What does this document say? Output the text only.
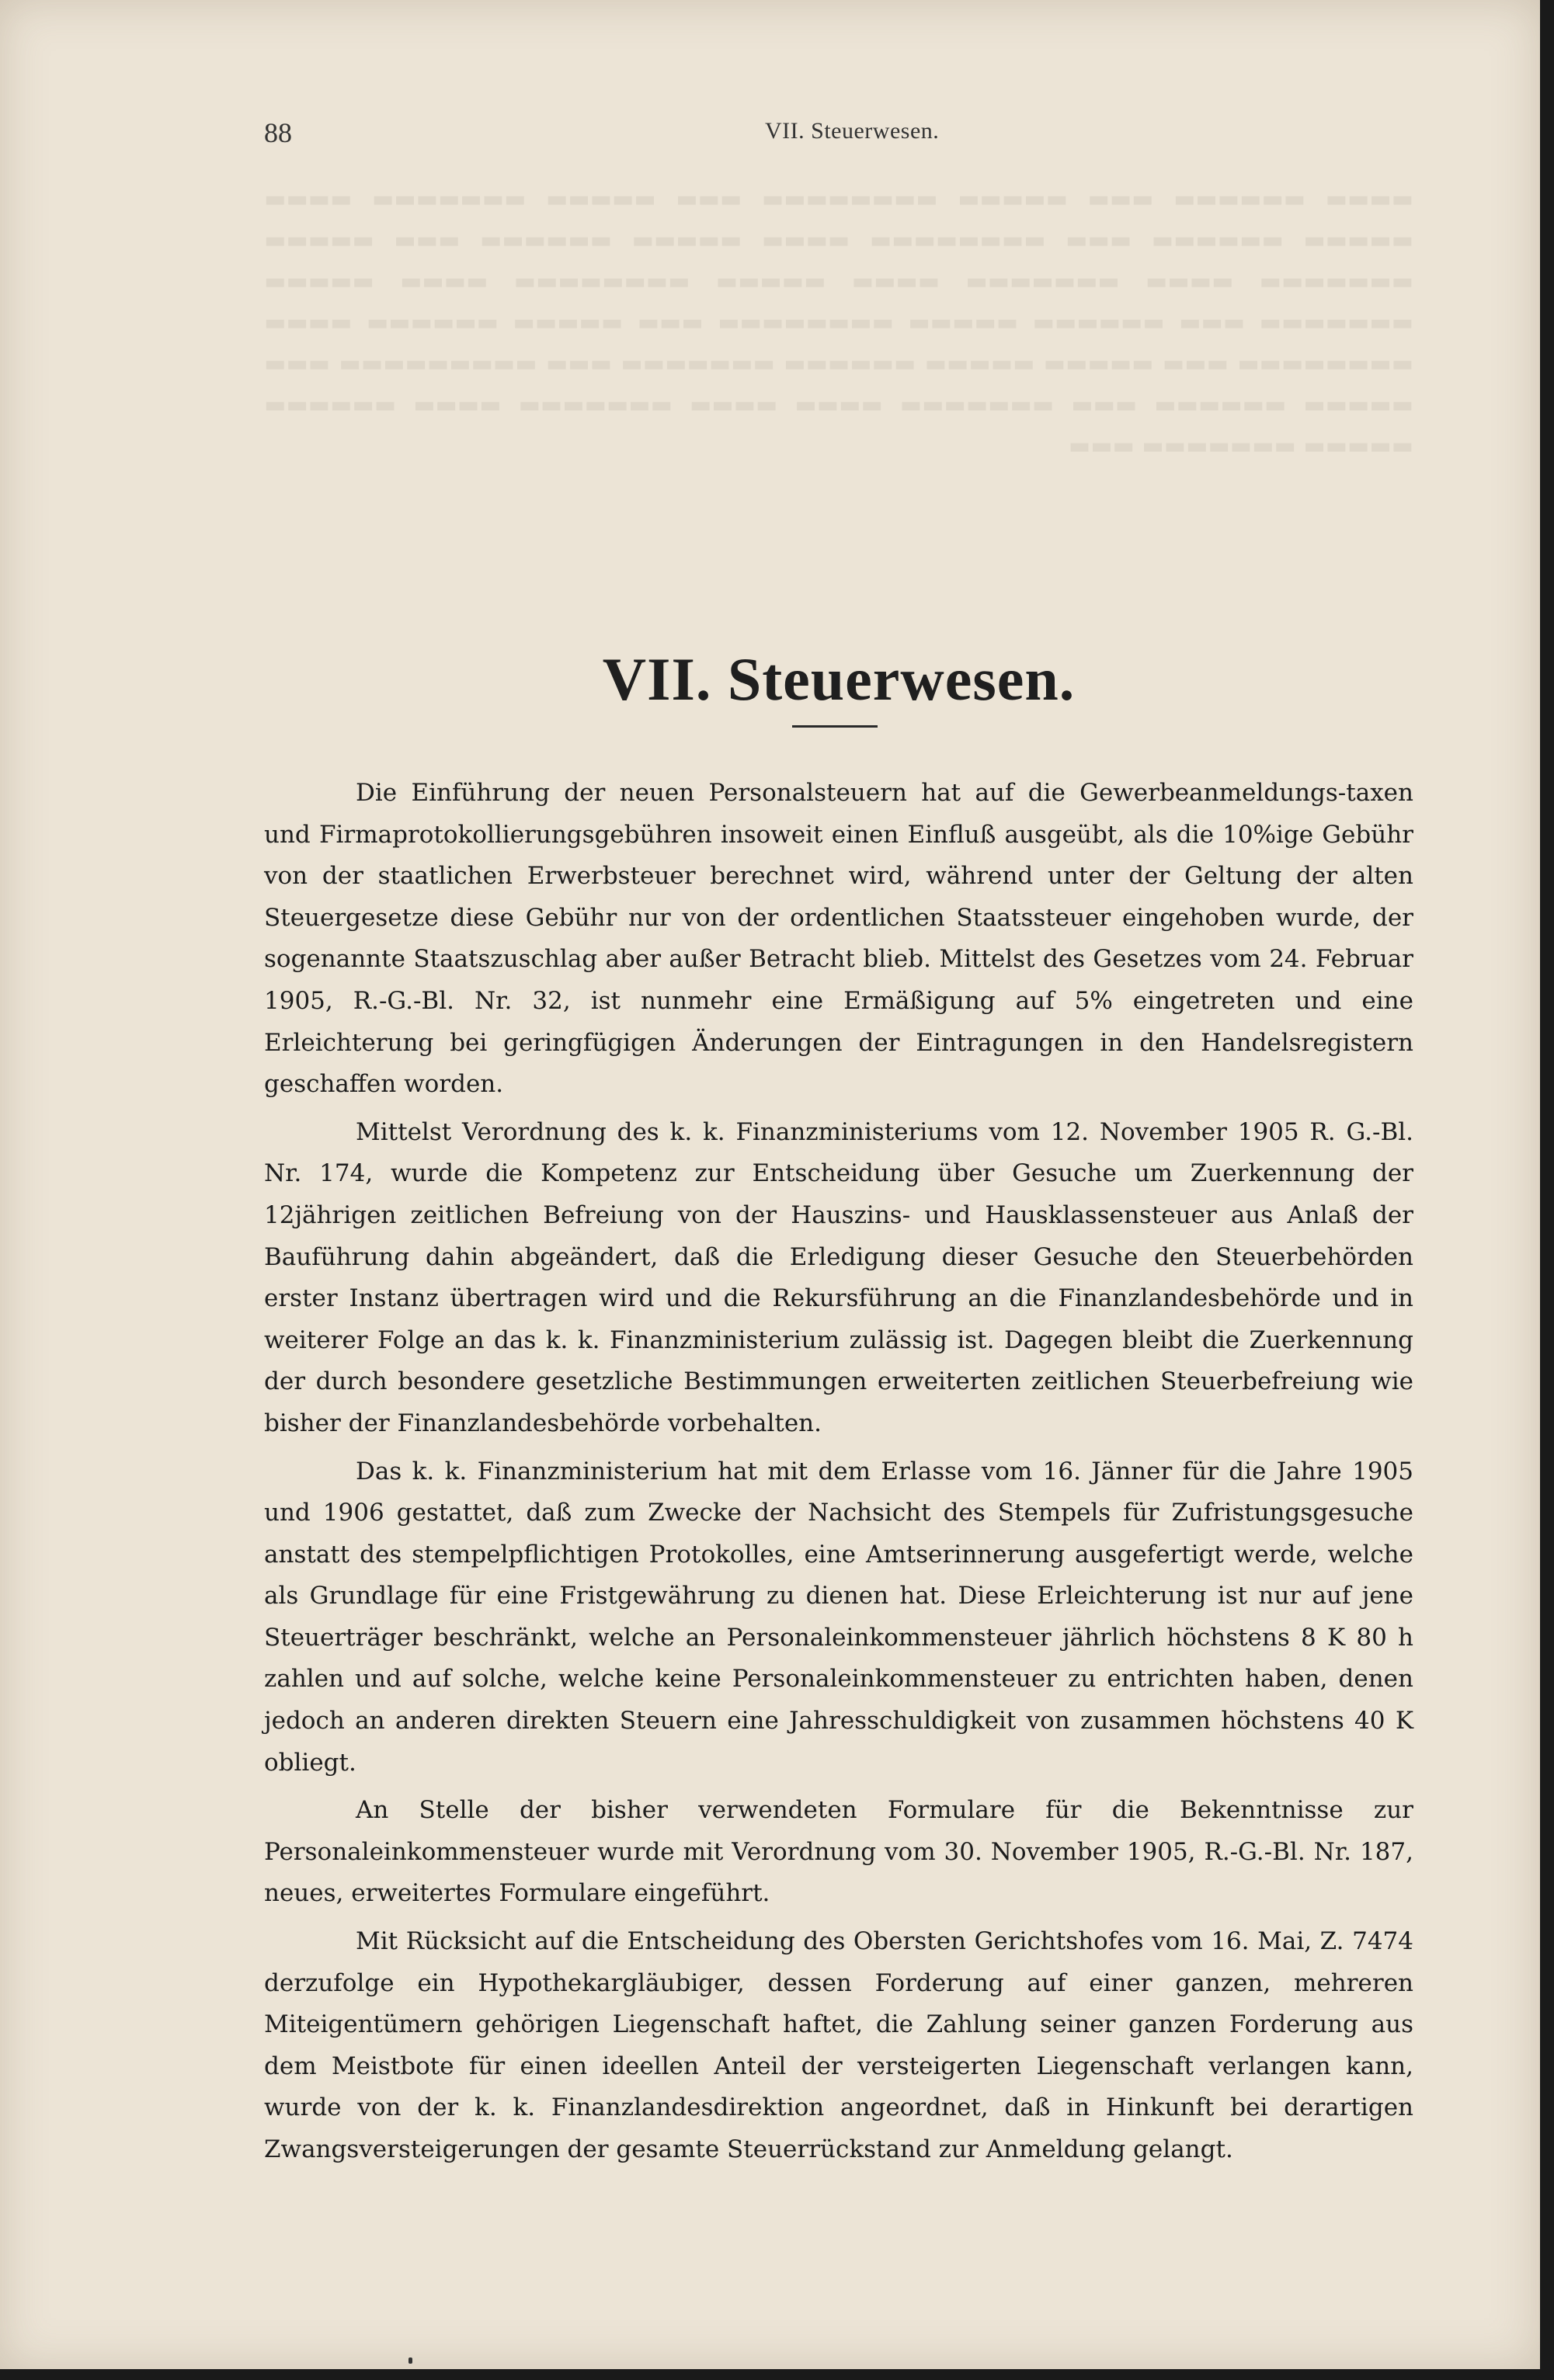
▬▬▬▬ ▬▬▬▬▬▬ ▬▬▬ ▬▬▬▬▬ ▬▬▬▬▬▬▬▬ ▬▬▬ ▬▬▬▬▬ ▬▬▬▬▬▬▬ ▬▬▬▬ ▬▬▬▬▬ ▬▬▬▬▬▬ ▬▬▬ ▬▬▬▬▬▬▬▬ ▬▬▬▬ ▬▬▬▬▬ ▬▬▬▬▬▬ ▬▬▬ ▬▬▬▬▬ ▬▬▬▬▬▬▬ ▬▬▬▬ ▬▬▬▬▬▬▬ ▬▬▬▬ ▬▬▬▬▬ ▬▬▬▬▬▬▬▬ ▬▬▬▬ ▬▬▬▬▬ ▬▬▬▬▬▬▬ ▬▬▬ ▬▬▬▬▬▬ ▬▬▬▬▬ ▬▬▬▬▬▬▬▬ ▬▬▬ ▬▬▬▬▬ ▬▬▬▬▬▬ ▬▬▬▬ ▬▬▬▬▬▬▬▬ ▬▬▬ ▬▬▬▬▬ ▬▬▬▬▬ ▬▬▬▬▬▬ ▬▬▬▬▬▬▬ ▬▬▬ ▬▬▬▬▬▬▬▬▬ ▬▬▬ ▬▬▬▬▬ ▬▬▬▬▬▬ ▬▬▬ ▬▬▬▬▬▬▬ ▬▬▬▬ ▬▬▬▬ ▬▬▬▬▬▬▬ ▬▬▬▬ ▬▬▬▬▬▬ ▬▬▬▬▬ ▬▬▬▬▬▬▬ ▬▬▬
88	VII. Steuerwesen.
VII. Steuerwesen.

Die Einführung der neuen Personalsteuern hat auf die Gewerbeanmeldungs-taxen und Firmaprotokollierungsgebühren insoweit einen Einfluß ausgeübt, als die 10%ige Gebühr von der staatlichen Erwerbsteuer berechnet wird, während unter der Geltung der alten Steuergesetze diese Gebühr nur von der ordentlichen Staatssteuer eingehoben wurde, der sogenannte Staatszuschlag aber außer Betracht blieb. Mittelst des Gesetzes vom 24. Februar 1905, R.-G.-Bl. Nr. 32, ist nunmehr eine Ermäßigung auf 5% eingetreten und eine Erleichterung bei geringfügigen Änderungen der Eintragungen in den Handelsregistern geschaffen worden.

Mittelst Verordnung des k. k. Finanzministeriums vom 12. November 1905 R. G.-Bl. Nr. 174, wurde die Kompetenz zur Entscheidung über Gesuche um Zuerkennung der 12jährigen zeitlichen Befreiung von der Hauszins- und Hausklassensteuer aus Anlaß der Bauführung dahin abgeändert, daß die Erledigung dieser Gesuche den Steuerbehörden erster Instanz übertragen wird und die Rekursführung an die Finanzlandesbehörde und in weiterer Folge an das k. k. Finanzministerium zulässig ist. Dagegen bleibt die Zuerkennung der durch besondere gesetzliche Bestimmungen erweiterten zeitlichen Steuerbefreiung wie bisher der Finanzlandesbehörde vorbehalten.

Das k. k. Finanzministerium hat mit dem Erlasse vom 16. Jänner für die Jahre 1905 und 1906 gestattet, daß zum Zwecke der Nachsicht des Stempels für Zufristungsgesuche anstatt des stempelpflichtigen Protokolles, eine Amtserinnerung ausgefertigt werde, welche als Grundlage für eine Fristgewährung zu dienen hat. Diese Erleichterung ist nur auf jene Steuerträger beschränkt, welche an Personaleinkommensteuer jährlich höchstens 8 K 80 h zahlen und auf solche, welche keine Personaleinkommensteuer zu entrichten haben, denen jedoch an anderen direkten Steuern eine Jahresschuldigkeit von zusammen höchstens 40 K obliegt.

An Stelle der bisher verwendeten Formulare für die Bekenntnisse zur Personaleinkommensteuer wurde mit Verordnung vom 30. November 1905, R.-G.-Bl. Nr. 187, neues, erweitertes Formulare eingeführt.

Mit Rücksicht auf die Entscheidung des Obersten Gerichtshofes vom 16. Mai, Z. 7474 derzufolge ein Hypothekargläubiger, dessen Forderung auf einer ganzen, mehreren Miteigentümern gehörigen Liegenschaft haftet, die Zahlung seiner ganzen Forderung aus dem Meistbote für einen ideellen Anteil der versteigerten Liegenschaft verlangen kann, wurde von der k. k. Finanzlandesdirektion angeordnet, daß in Hinkunft bei derartigen Zwangsversteigerungen der gesamte Steuerrückstand zur Anmeldung gelangt.
